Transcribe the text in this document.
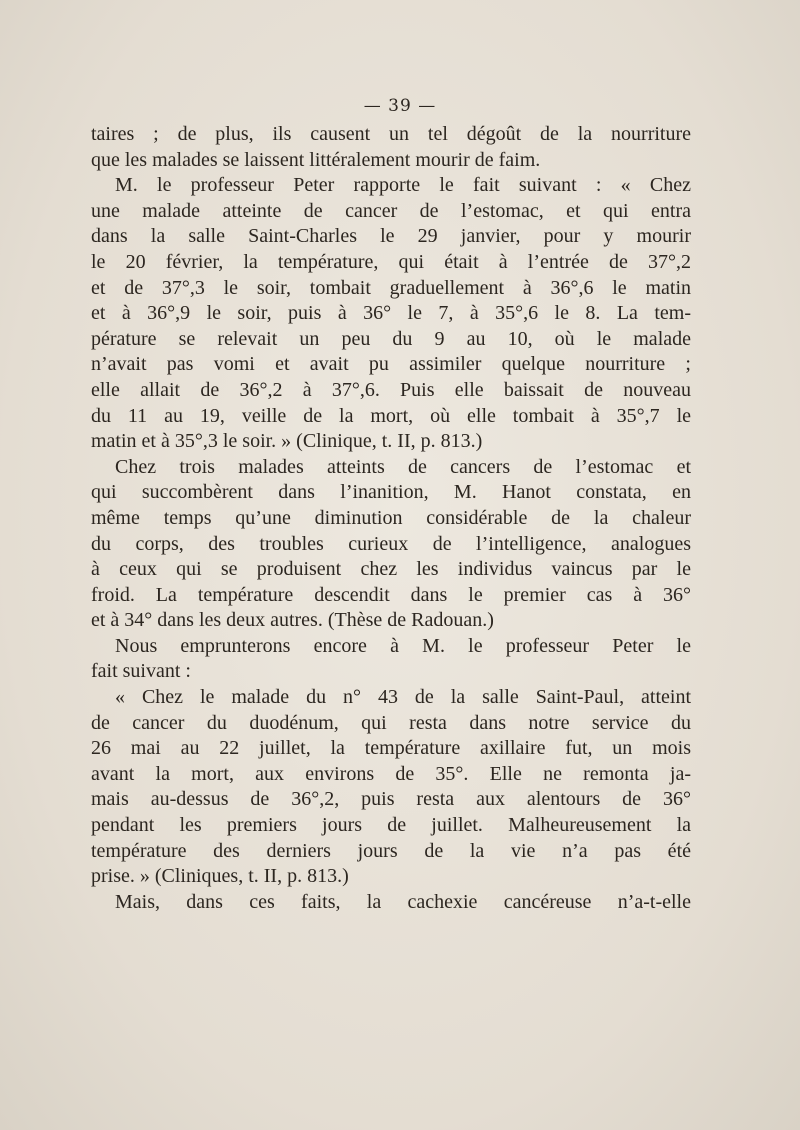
— 39 —
taires ; de plus, ils causent un tel dégoût de la nourriture
que les malades se laissent littéralement mourir de faim.
M. le professeur Peter rapporte le fait suivant : « Chez
une malade atteinte de cancer de l’estomac, et qui entra
dans la salle Saint-Charles le 29 janvier, pour y mourir
le 20 février, la température, qui était à l’entrée de 37°,2
et de 37°,3 le soir, tombait graduellement à 36°,6 le matin
et à 36°,9 le soir, puis à 36° le 7, à 35°,6 le 8. La tem-
pérature se relevait un peu du 9 au 10, où le malade
n’avait pas vomi et avait pu assimiler quelque nourriture ;
elle allait de 36°,2 à 37°,6. Puis elle baissait de nouveau
du 11 au 19, veille de la mort, où elle tombait à 35°,7 le
matin et à 35°,3 le soir. » (Clinique, t. II, p. 813.)
Chez trois malades atteints de cancers de l’estomac et
qui succombèrent dans l’inanition, M. Hanot constata, en
même temps qu’une diminution considérable de la chaleur
du corps, des troubles curieux de l’intelligence, analogues
à ceux qui se produisent chez les individus vaincus par le
froid. La température descendit dans le premier cas à 36°
et à 34° dans les deux autres. (Thèse de Radouan.)
Nous emprunterons encore à M. le professeur Peter le
fait suivant :
« Chez le malade du n° 43 de la salle Saint-Paul, atteint
de cancer du duodénum, qui resta dans notre service du
26 mai au 22 juillet, la température axillaire fut, un mois
avant la mort, aux environs de 35°. Elle ne remonta ja-
mais au-dessus de 36°,2, puis resta aux alentours de 36°
pendant les premiers jours de juillet. Malheureusement la
température des derniers jours de la vie n’a pas été
prise. » (Cliniques, t. II, p. 813.)
Mais, dans ces faits, la cachexie cancéreuse n’a-t-elle
